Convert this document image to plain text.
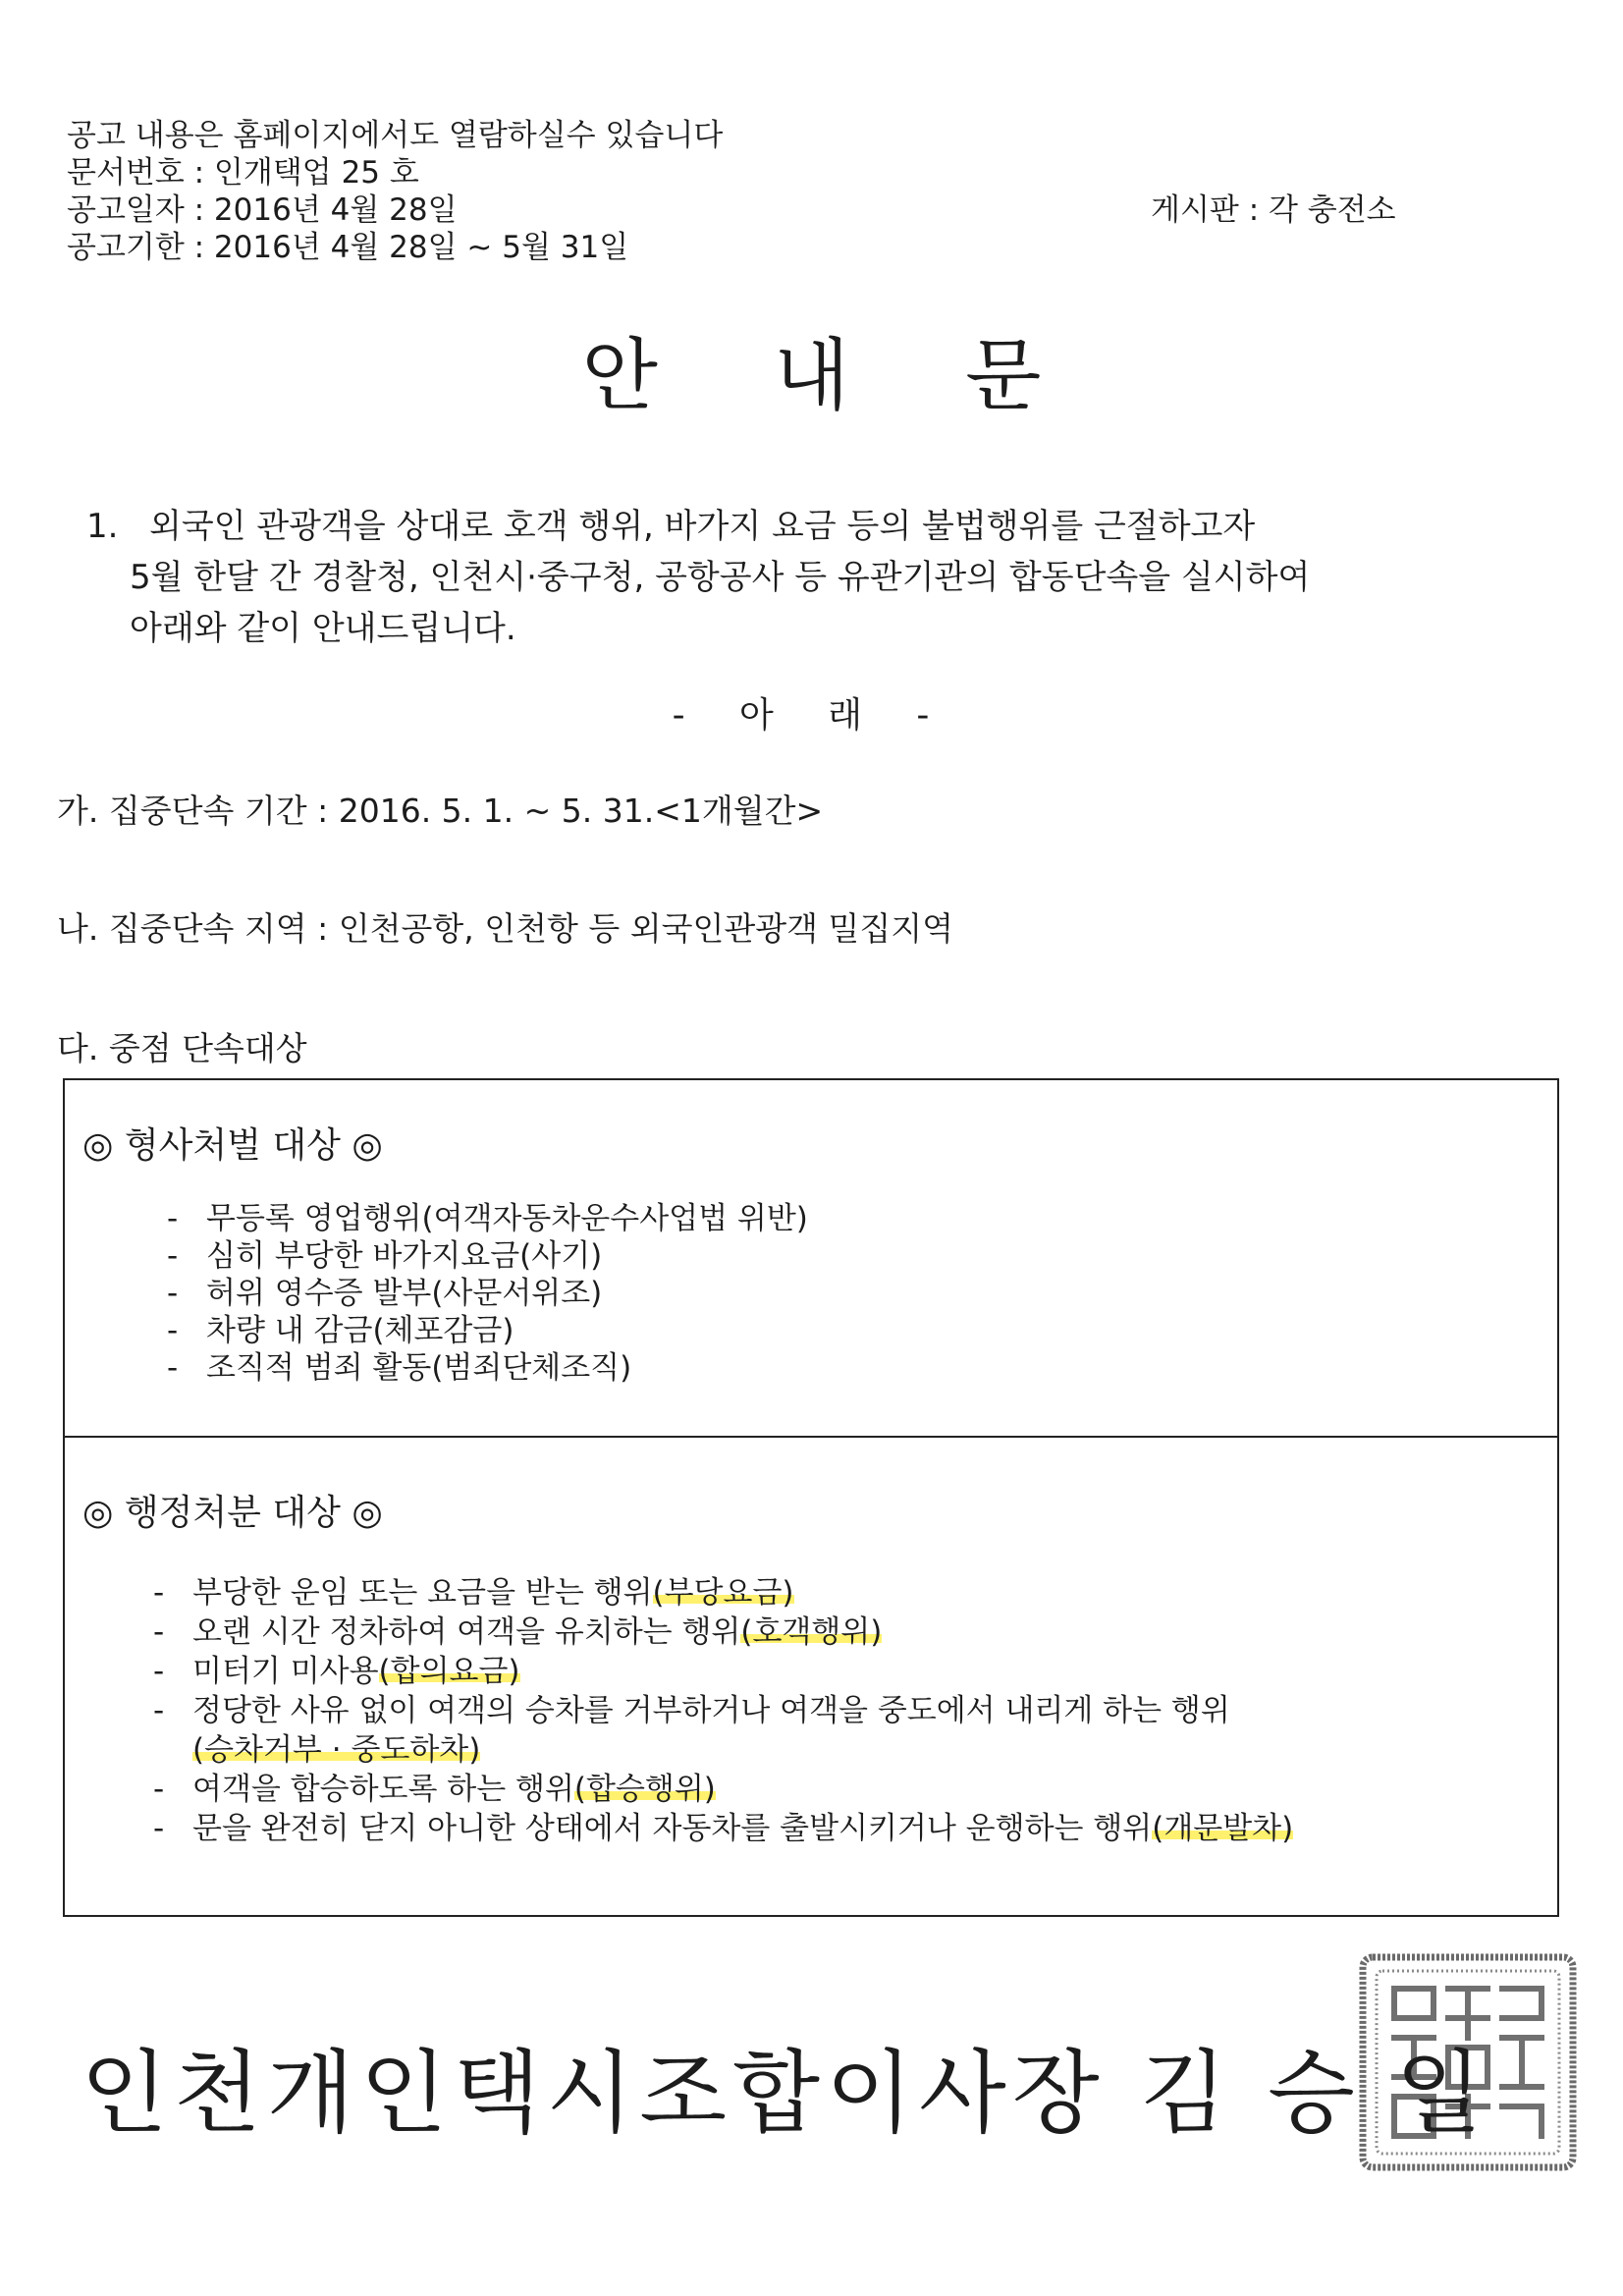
공고 내용은 홈페이지에서도 열람하실수 있습니다
문서번호 : 인개택업 25 호
공고일자 : 2016년 4월 28일
공고기한 : 2016년 4월 28일 ~ 5월 31일
게시판 : 각 충전소
안내문
1. 외국인 관광객을 상대로 호객 행위, 바가지 요금 등의 불법행위를 근절하고자
5월 한달 간 경찰청, 인천시·중구청, 공항공사 등 유관기관의 합동단속을 실시하여
아래와 같이 안내드립니다.
- 아 래 -
가. 집중단속 기간 : 2016. 5. 1. ~ 5. 31.<1개월간>
나. 집중단속 지역 : 인천공항, 인천항 등 외국인관광객 밀집지역
다. 중점 단속대상
◎ 형사처벌 대상 ◎
- 무등록 영업행위(여객자동차운수사업법 위반)
- 심히 부당한 바가지요금(사기)
- 허위 영수증 발부(사문서위조)
- 차량 내 감금(체포감금)
- 조직적 범죄 활동(범죄단체조직)
◎ 행정처분 대상 ◎
- 부당한 운임 또는 요금을 받는 행위(부당요금)
- 오랜 시간 정차하여 여객을 유치하는 행위(호객행위)
- 미터기 미사용(합의요금)
- 정당한 사유 없이 여객의 승차를 거부하거나 여객을 중도에서 내리게 하는 행위
(승차거부 · 중도하차)
- 여객을 합승하도록 하는 행위(합승행위)
- 문을 완전히 닫지 아니한 상태에서 자동차를 출발시키거나 운행하는 행위(개문발차)
인천개인택시조합이사장 김 승 일
